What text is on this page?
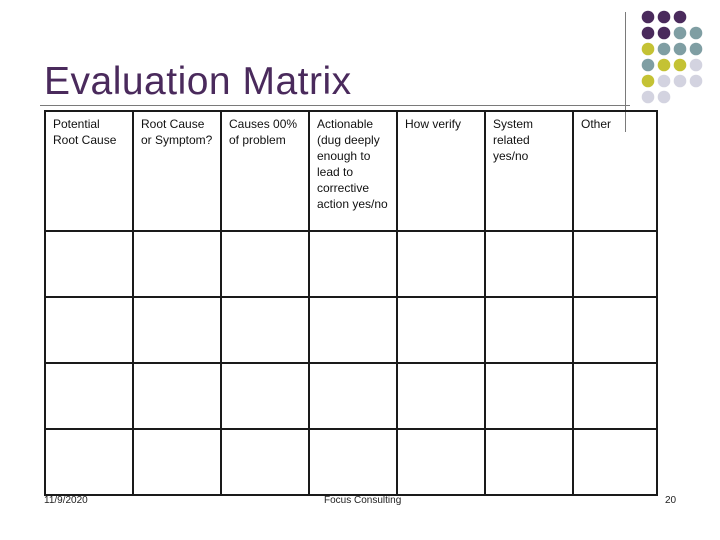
Evaluation Matrix
Potential Root Cause	Root Cause or Symptom?	Causes 00% of problem	Actionable (dug deeply enough to lead to corrective action yes/no	How verify	System related yes/no	Other

11/9/2020	Focus Consulting	20
